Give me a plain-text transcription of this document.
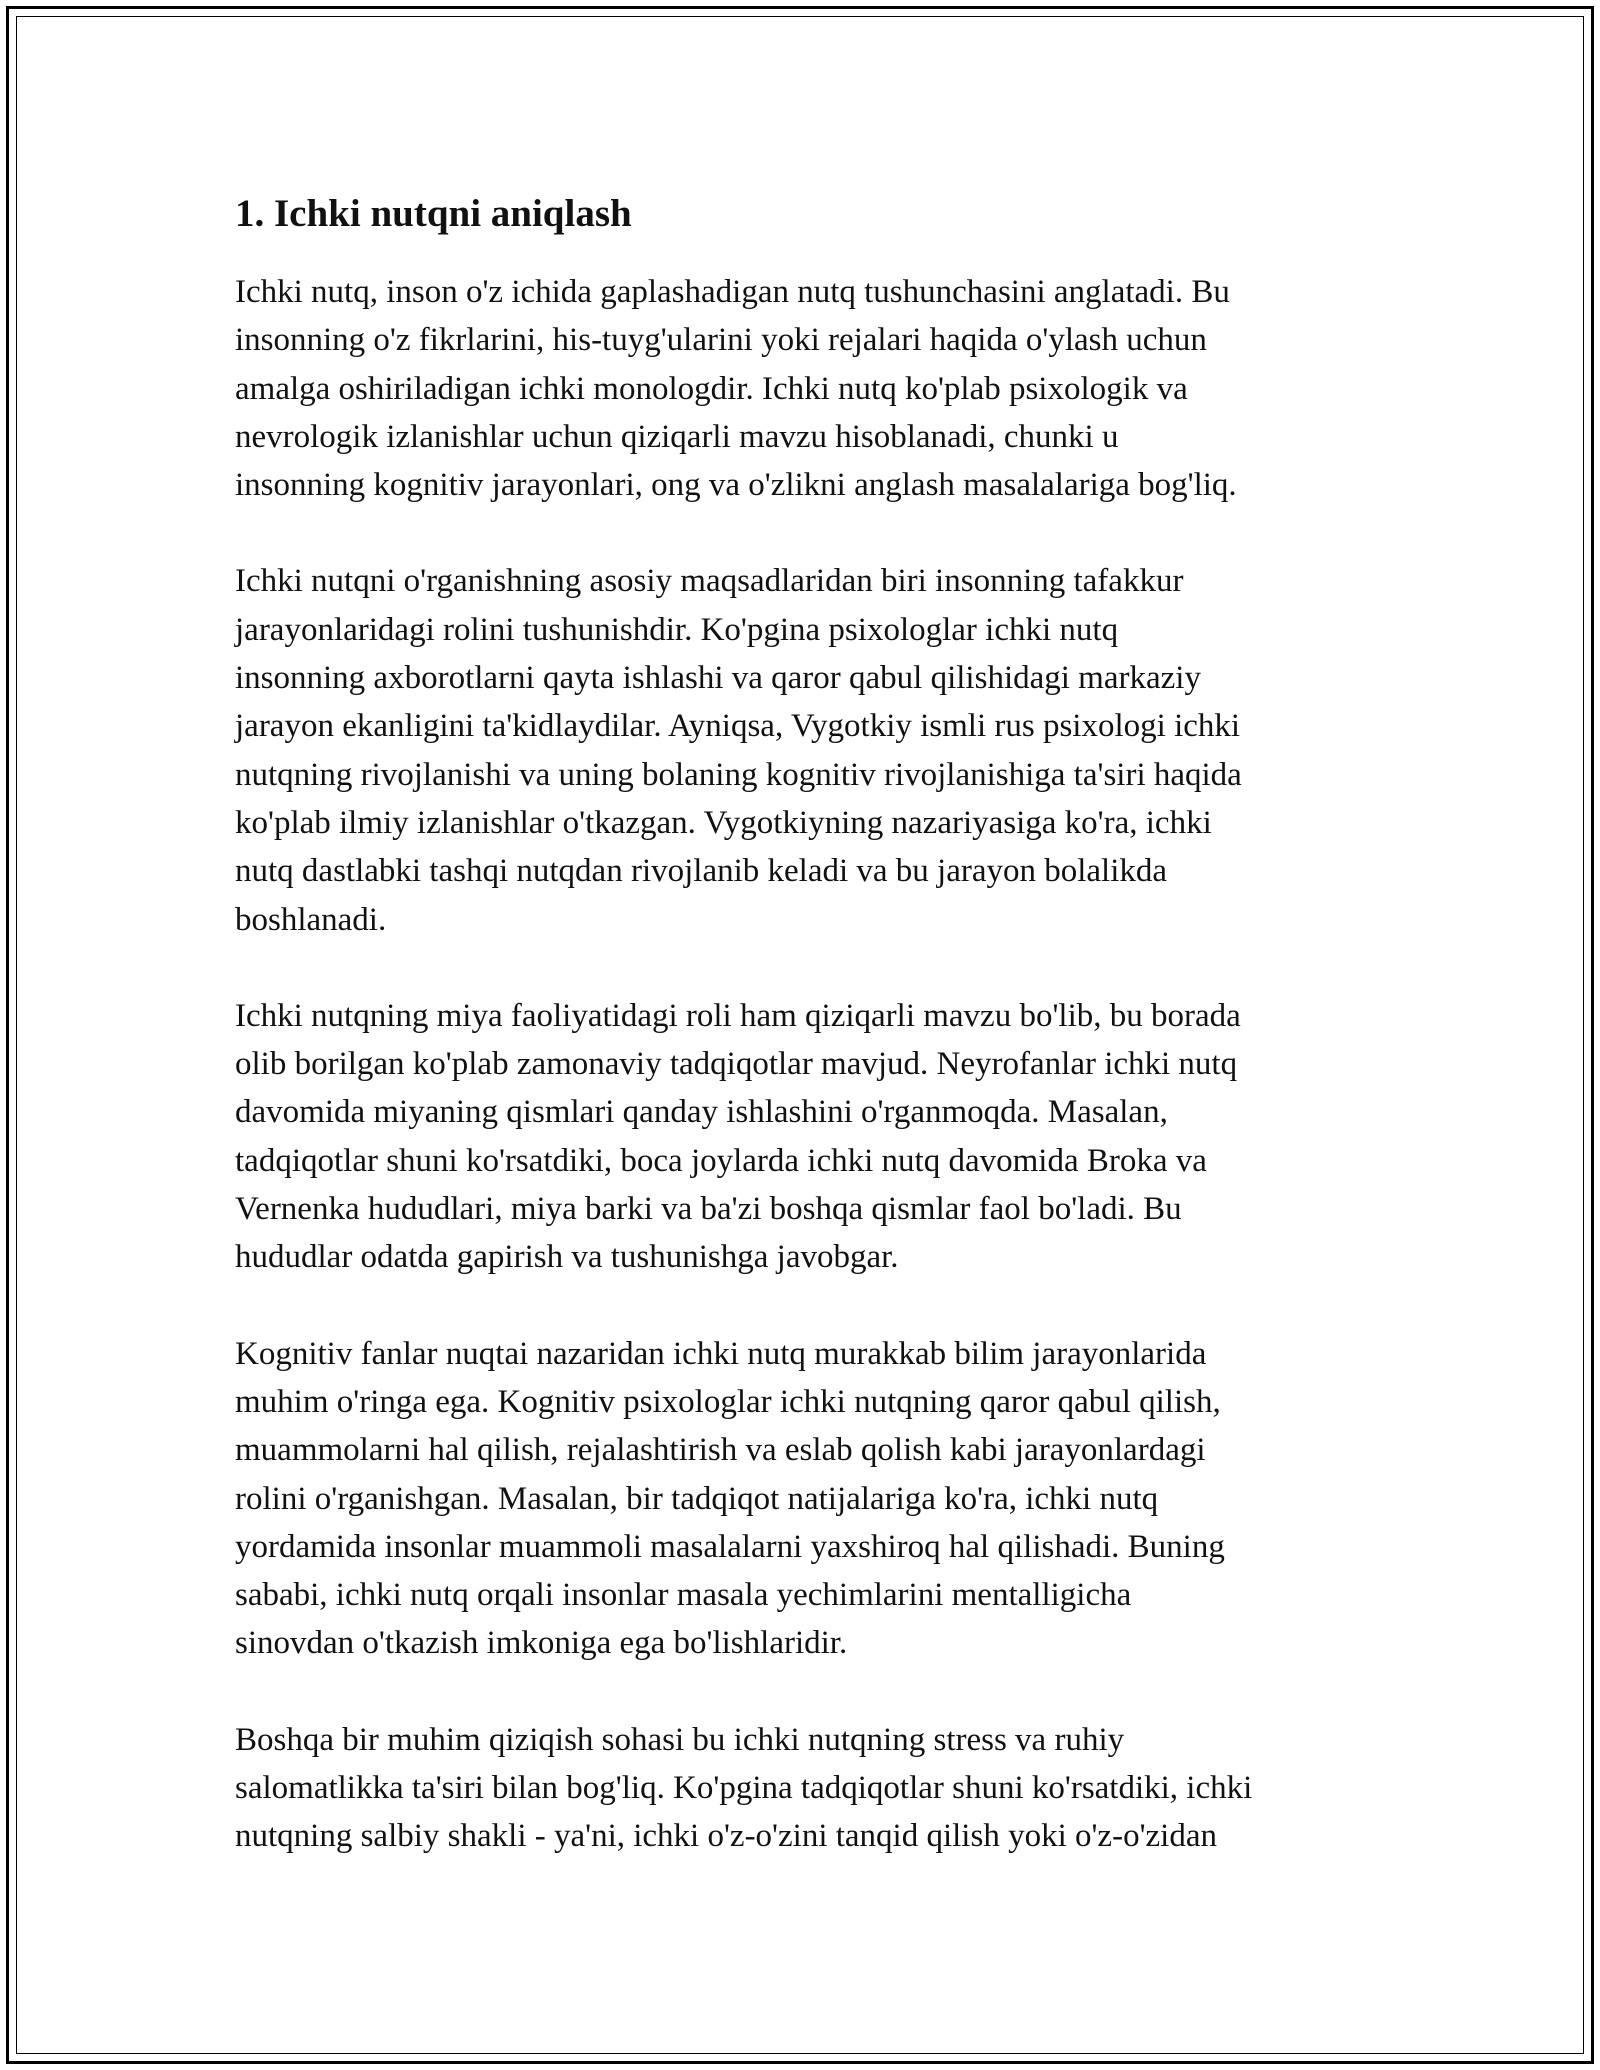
1. Ichki nutqni aniqlash

Ichki nutq, inson o'z ichida gaplashadigan nutq tushunchasini anglatadi. Bu
insonning o'z fikrlarini, his-tuyg'ularini yoki rejalari haqida o'ylash uchun
amalga oshiriladigan ichki monologdir. Ichki nutq ko'plab psixologik va
nevrologik izlanishlar uchun qiziqarli mavzu hisoblanadi, chunki u
insonning kognitiv jarayonlari, ong va o'zlikni anglash masalalariga bog'liq.

Ichki nutqni o'rganishning asosiy maqsadlaridan biri insonning tafakkur
jarayonlaridagi rolini tushunishdir. Ko'pgina psixologlar ichki nutq
insonning axborotlarni qayta ishlashi va qaror qabul qilishidagi markaziy
jarayon ekanligini ta'kidlaydilar. Ayniqsa, Vygotkiy ismli rus psixologi ichki
nutqning rivojlanishi va uning bolaning kognitiv rivojlanishiga ta'siri haqida
ko'plab ilmiy izlanishlar o'tkazgan. Vygotkiyning nazariyasiga ko'ra, ichki
nutq dastlabki tashqi nutqdan rivojlanib keladi va bu jarayon bolalikda
boshlanadi.

Ichki nutqning miya faoliyatidagi roli ham qiziqarli mavzu bo'lib, bu borada
olib borilgan ko'plab zamonaviy tadqiqotlar mavjud. Neyrofanlar ichki nutq
davomida miyaning qismlari qanday ishlashini o'rganmoqda. Masalan,
tadqiqotlar shuni ko'rsatdiki, boca joylarda ichki nutq davomida Broka va
Vernenka hududlari, miya barki va ba'zi boshqa qismlar faol bo'ladi. Bu
hududlar odatda gapirish va tushunishga javobgar.

Kognitiv fanlar nuqtai nazaridan ichki nutq murakkab bilim jarayonlarida
muhim o'ringa ega. Kognitiv psixologlar ichki nutqning qaror qabul qilish,
muammolarni hal qilish, rejalashtirish va eslab qolish kabi jarayonlardagi
rolini o'rganishgan. Masalan, bir tadqiqot natijalariga ko'ra, ichki nutq
yordamida insonlar muammoli masalalarni yaxshiroq hal qilishadi. Buning
sababi, ichki nutq orqali insonlar masala yechimlarini mentalligicha
sinovdan o'tkazish imkoniga ega bo'lishlaridir.

Boshqa bir muhim qiziqish sohasi bu ichki nutqning stress va ruhiy
salomatlikka ta'siri bilan bog'liq. Ko'pgina tadqiqotlar shuni ko'rsatdiki, ichki
nutqning salbiy shakli - ya'ni, ichki o'z-o'zini tanqid qilish yoki o'z-o'zidan
